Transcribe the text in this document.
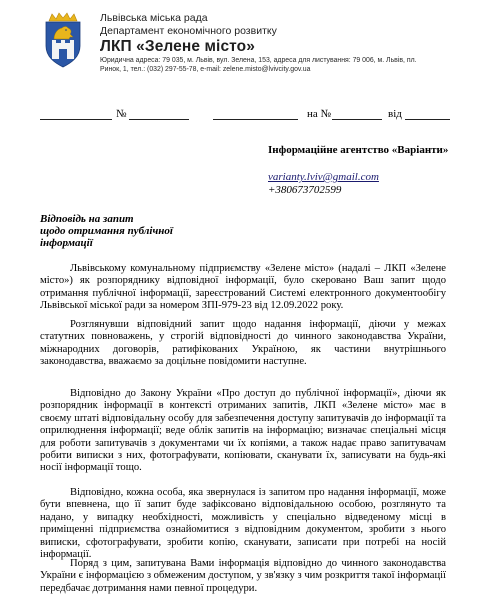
Львівська міська рада
Департамент економічного розвитку
ЛКП «Зелене місто»
Юридична адреса: 79 035, м. Львів, вул. Зелена, 153, адреса для листування: 79 006, м. Львів, пл.
Ринок, 1, тел.: (032) 297-55-78, e-mail: zelene.misto@lvivcity.gov.ua
№	на №	від
Інформаційне агентство «Варіанти»
varianty.lviv@gmail.com
+380673702599
Відповідь на запит
щодо отримання публічної
інформації
Львівському комунальному підприємству «Зелене місто» (надалі – ЛКП «Зелене місто») як розпоряднику відповідної інформації, було скеровано Ваш запит щодо отримання публічної інформації, зареєстрований Системі електронного документообігу Львівської міської ради за номером ЗПІ-979-23 від 12.09.2022 року.
Розглянувши відповідний запит щодо надання інформації, діючи у межах статутних повноважень, у строгій відповідності до чинного законодавства України, міжнародних договорів, ратифікованих Україною, як частини внутрішнього законодавства, вважаємо за доцільне повідомити наступне.
Відповідно до Закону України «Про доступ до публічної інформації», діючи як розпорядник інформації в контексті отриманих запитів, ЛКП «Зелене місто» має в своєму штаті відповідальну особу для забезпечення доступу запитувачів до інформації та оприлюднення інформації; веде облік запитів на інформацію; визначає спеціальні місця для роботи запитувачів з документами чи їх копіями, а також надає право запитувачам робити виписки з них, фотографувати, копіювати, сканувати їх, записувати на будь-які носії інформації тощо.
Відповідно, кожна особа, яка звернулася із запитом про надання інформації, може бути впевнена, що її запит буде зафіксовано відповідальною особою, розглянуто та надано, у випадку необхідності, можливість у спеціально відведеному місці в приміщенні підприємства ознайомитися з відповідним документом, зробити з нього виписки, сфотографувати, зробити копію, сканувати, записати при потребі на носій інформації.
Поряд з цим, запитувана Вами інформація відповідно до чинного законодавства України є інформацією з обмеженим доступом, у зв'язку з чим розкриття такої інформації передбачає дотримання нами певної процедури.
